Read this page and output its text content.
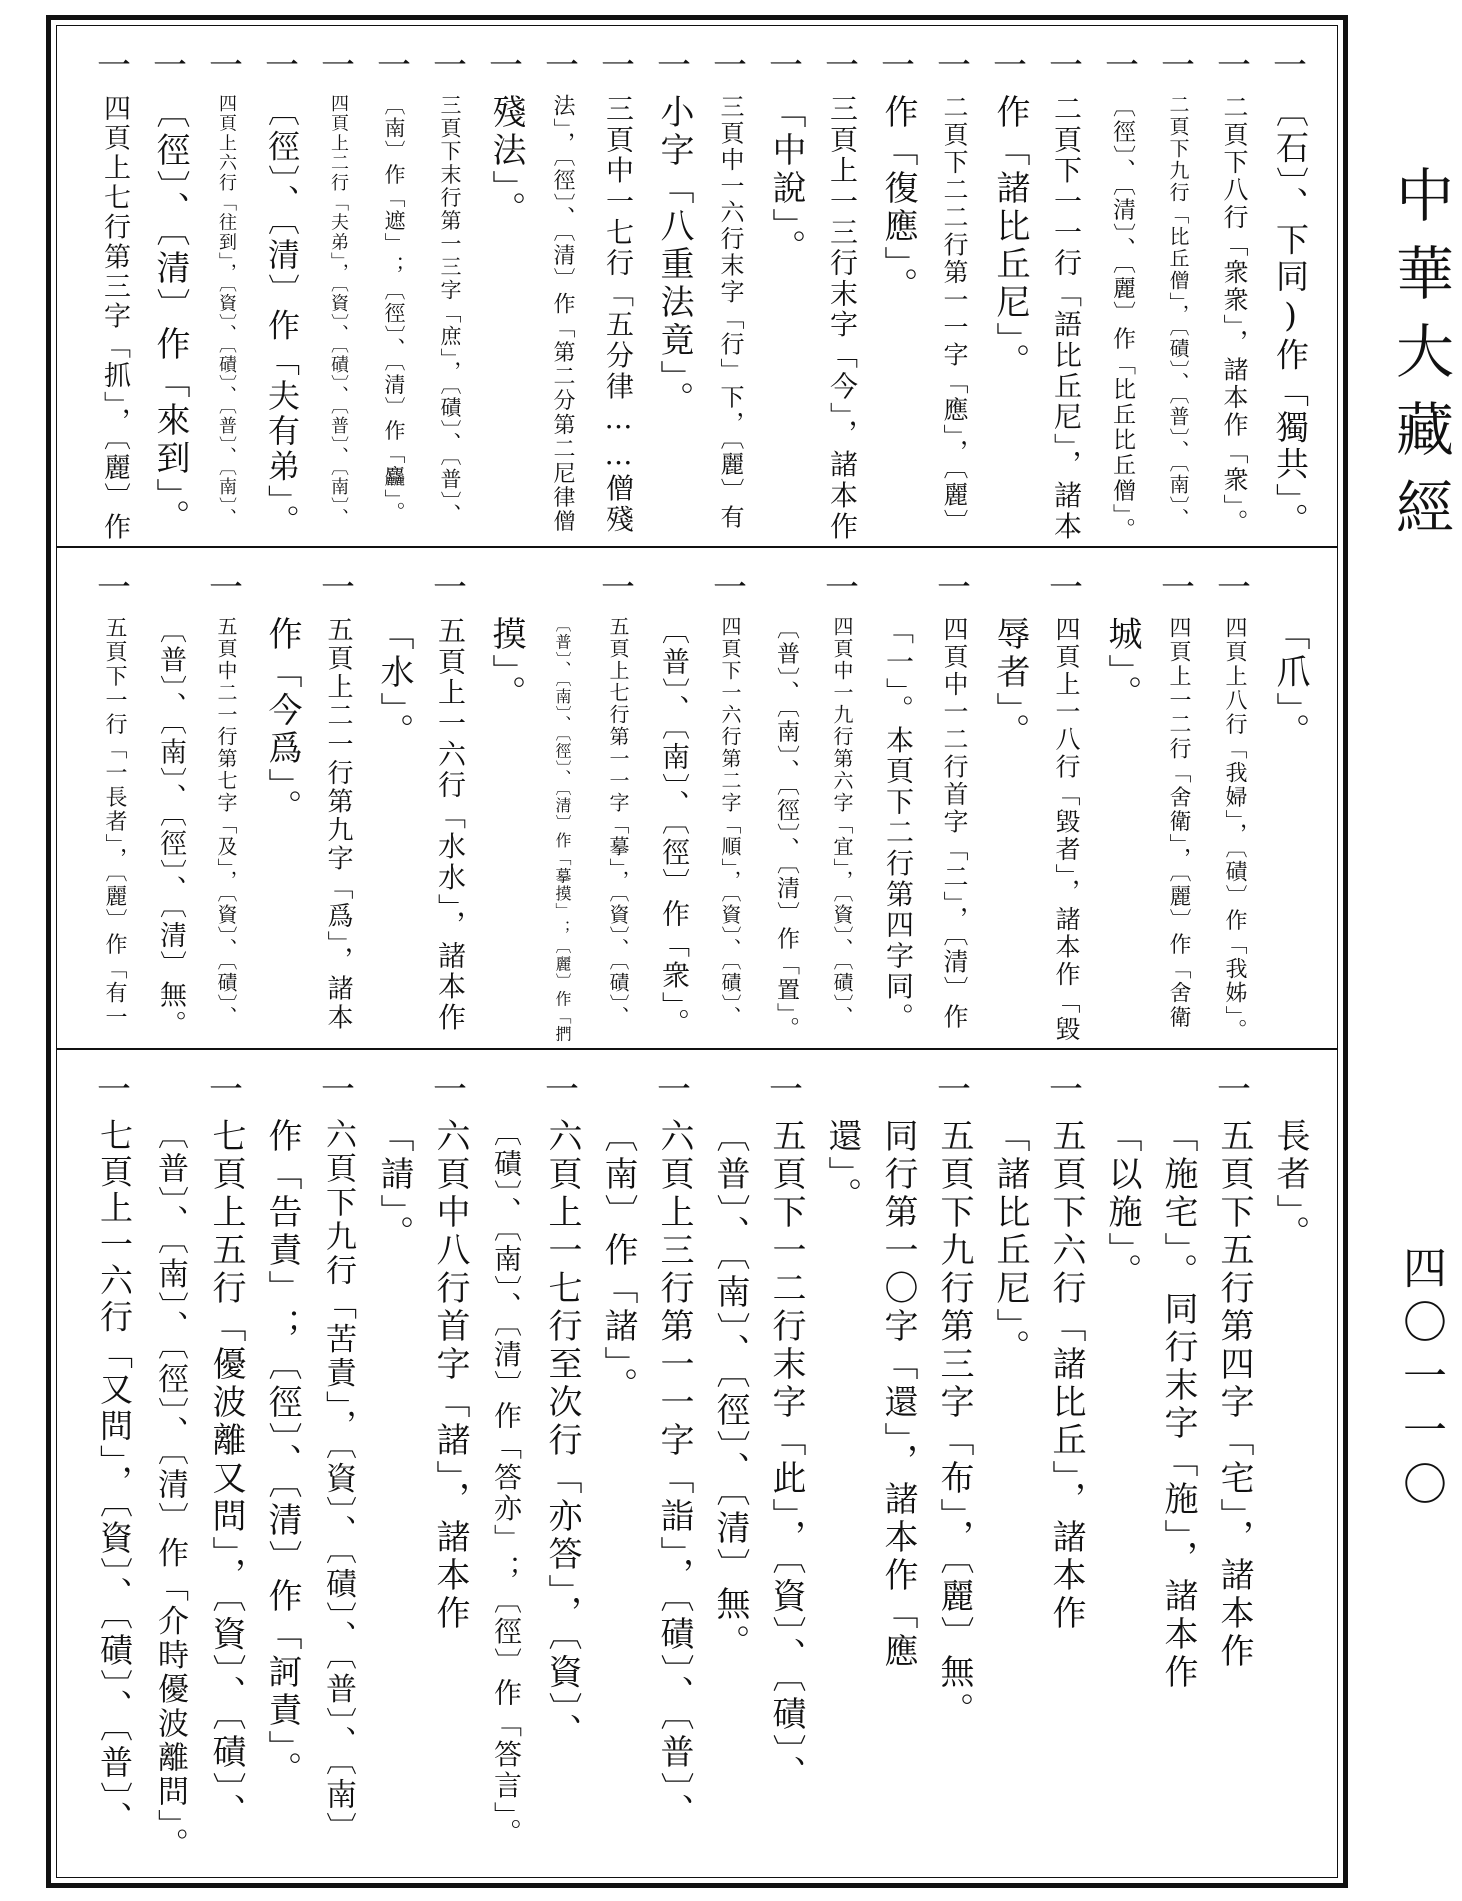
一
〔石〕、下同)作「獨共」。
一
二頁下八行「衆衆」，諸本作「衆」。
一
二頁下九行「比丘僧」，〔磧〕、〔普〕、〔南〕、
一
〔徑〕、〔清〕、〔麗〕作「比丘比丘僧」。
一
二頁下一一行「語比丘尼」，諸本
一
作「諸比丘尼」。
一
二頁下二二行第一一字「應」，〔麗〕
一
作「復應」。
一
三頁上一三行末字「今」，諸本作
一
「中說」。
一
三頁中一六行末字「行」下，〔麗〕有
一
小字「八重法竟」。
一
三頁中一七行「五分律……僧殘
一
法」，〔徑〕、〔清〕作「第二分第二尼律僧
一
殘法」。
一
三頁下末行第一三字「庶」，〔磧〕、〔普〕、
一
〔南〕作「遮」；〔徑〕、〔清〕作「麤」。
一
四頁上二行「夫弟」，〔資〕、〔磧〕、〔普〕、〔南〕、
一
〔徑〕、〔清〕作「夫有弟」。
一
四頁上六行「往到」，〔資〕、〔磧〕、〔普〕、〔南〕、
一
〔徑〕、〔清〕作「來到」。
一
四頁上七行第三字「抓」，〔麗〕作
「爪」。
一
四頁上八行「我婦」，〔磧〕作「我姊」。
一
四頁上一二行「舍衛」，〔麗〕作「舍衛
城」。
一
四頁上一八行「毀者」，諸本作「毀
辱者」。
一
四頁中一二行首字「二」，〔清〕作
「一」。本頁下二行第四字同。
一
四頁中一九行第六字「宜」，〔資〕、〔磧〕、
〔普〕、〔南〕、〔徑〕、〔清〕作「置」。
一
四頁下一六行第二字「順」，〔資〕、〔磧〕、
〔普〕、〔南〕、〔徑〕作「衆」。
一
五頁上七行第一一字「摹」，〔資〕、〔磧〕、
〔普〕、〔南〕、〔徑〕、〔清〕作「摹摸」；〔麗〕作「捫
摸」。
一
五頁上一六行「水水」，諸本作
「水」。
一
五頁上二一行第九字「爲」，諸本
作「今爲」。
一
五頁中二一行第七字「及」，〔資〕、〔磧〕、
〔普〕、〔南〕、〔徑〕、〔清〕無。
一
五頁下一行「一長者」，〔麗〕作「有一
長者」。
一
五頁下五行第四字「宅」，諸本作
「施宅」。同行末字「施」，諸本作
「以施」。
一
五頁下六行「諸比丘」，諸本作
「諸比丘尼」。
一
五頁下九行第三字「布」，〔麗〕無。
同行第一〇字「還」，諸本作「應
還」。
一
五頁下一二行末字「此」，〔資〕、〔磧〕、
〔普〕、〔南〕、〔徑〕、〔清〕無。
一
六頁上三行第一一字「詣」，〔磧〕、〔普〕、
〔南〕作「諸」。
一
六頁上一七行至次行「亦答」，〔資〕、
〔磧〕、〔南〕、〔清〕作「答亦」；〔徑〕作「答言」。
一
六頁中八行首字「諸」，諸本作
「請」。
一
六頁下九行「苦責」，〔資〕、〔磧〕、〔普〕、〔南〕
作「告責」；〔徑〕、〔清〕作「訶責」。
一
七頁上五行「優波離又問」，〔資〕、〔磧〕、
〔普〕、〔南〕、〔徑〕、〔清〕作「介時優波離問」。
一
七頁上一六行「又問」，〔資〕、〔磧〕、〔普〕、
中華大藏經
四〇一一〇
